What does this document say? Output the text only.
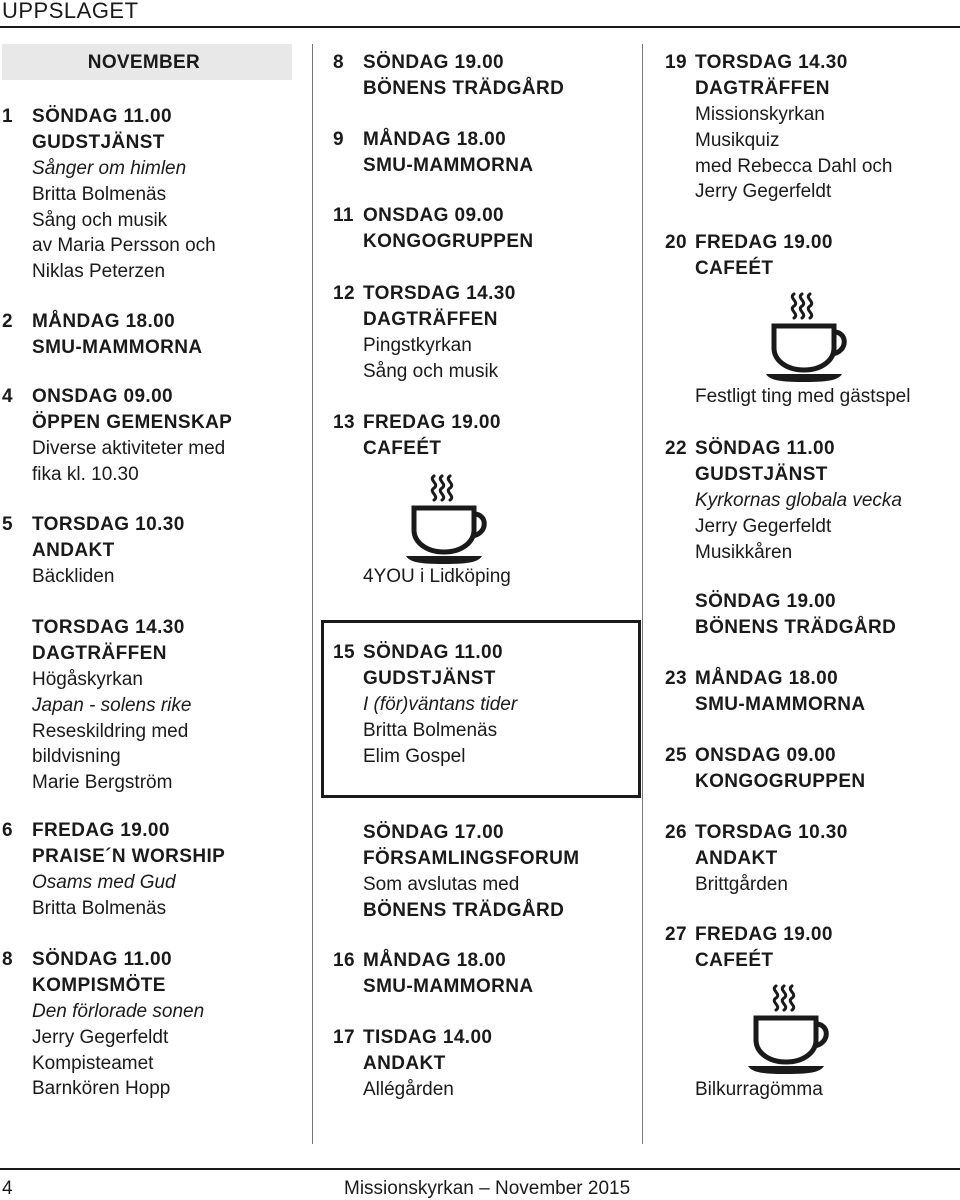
UPPSLAGET
NOVEMBER
1 SÖNDAG 11.00
GUDSTJÄNST
Sånger om himlen
Britta Bolmenäs
Sång och musik
av Maria Persson och
Niklas Peterzen
2 MÅNDAG 18.00
SMU-MAMMORNA
4 ONSDAG 09.00
ÖPPEN GEMENSKAP
Diverse aktiviteter med
fika kl. 10.30
5 TORSDAG 10.30
ANDAKT
Bäckliden
TORSDAG 14.30
DAGTRÄFFEN
Högåskyrkan
Japan - solens rike
Reseskildring med
bildvisning
Marie Bergström
6 FREDAG 19.00
PRAISE´N WORSHIP
Osams med Gud
Britta Bolmenäs
8 SÖNDAG 11.00
KOMPISMÖTE
Den förlorade sonen
Jerry Gegerfeldt
Kompisteamet
Barnkören Hopp
8 SÖNDAG 19.00
BÖNENS TRÄDGÅRD
9 MÅNDAG 18.00
SMU-MAMMORNA
11 ONSDAG 09.00
KONGOGRUPPEN
12 TORSDAG 14.30
DAGTRÄFFEN
Pingstkyrkan
Sång och musik
13 FREDAG 19.00
CAFEÉT
4YOU i Lidköping
15 SÖNDAG 11.00
GUDSTJÄNST
I (för)väntans tider
Britta Bolmenäs
Elim Gospel
SÖNDAG 17.00
FÖRSAMLINGSFORUM
Som avslutas med
BÖNENS TRÄDGÅRD
16 MÅNDAG 18.00
SMU-MAMMORNA
17 TISDAG 14.00
ANDAKT
Allégården
19 TORSDAG 14.30
DAGTRÄFFEN
Missionskyrkan
Musikquiz
med Rebecca Dahl och
Jerry Gegerfeldt
20 FREDAG 19.00
CAFEÉT
Festligt ting med gästspel
22 SÖNDAG 11.00
GUDSTJÄNST
Kyrkornas globala vecka
Jerry Gegerfeldt
Musikkåren
SÖNDAG 19.00
BÖNENS TRÄDGÅRD
23 MÅNDAG 18.00
SMU-MAMMORNA
25 ONSDAG 09.00
KONGOGRUPPEN
26 TORSDAG 10.30
ANDAKT
Brittgården
27 FREDAG 19.00
CAFEÉT
Bilkurragömma
4	Missionskyrkan – November 2015
